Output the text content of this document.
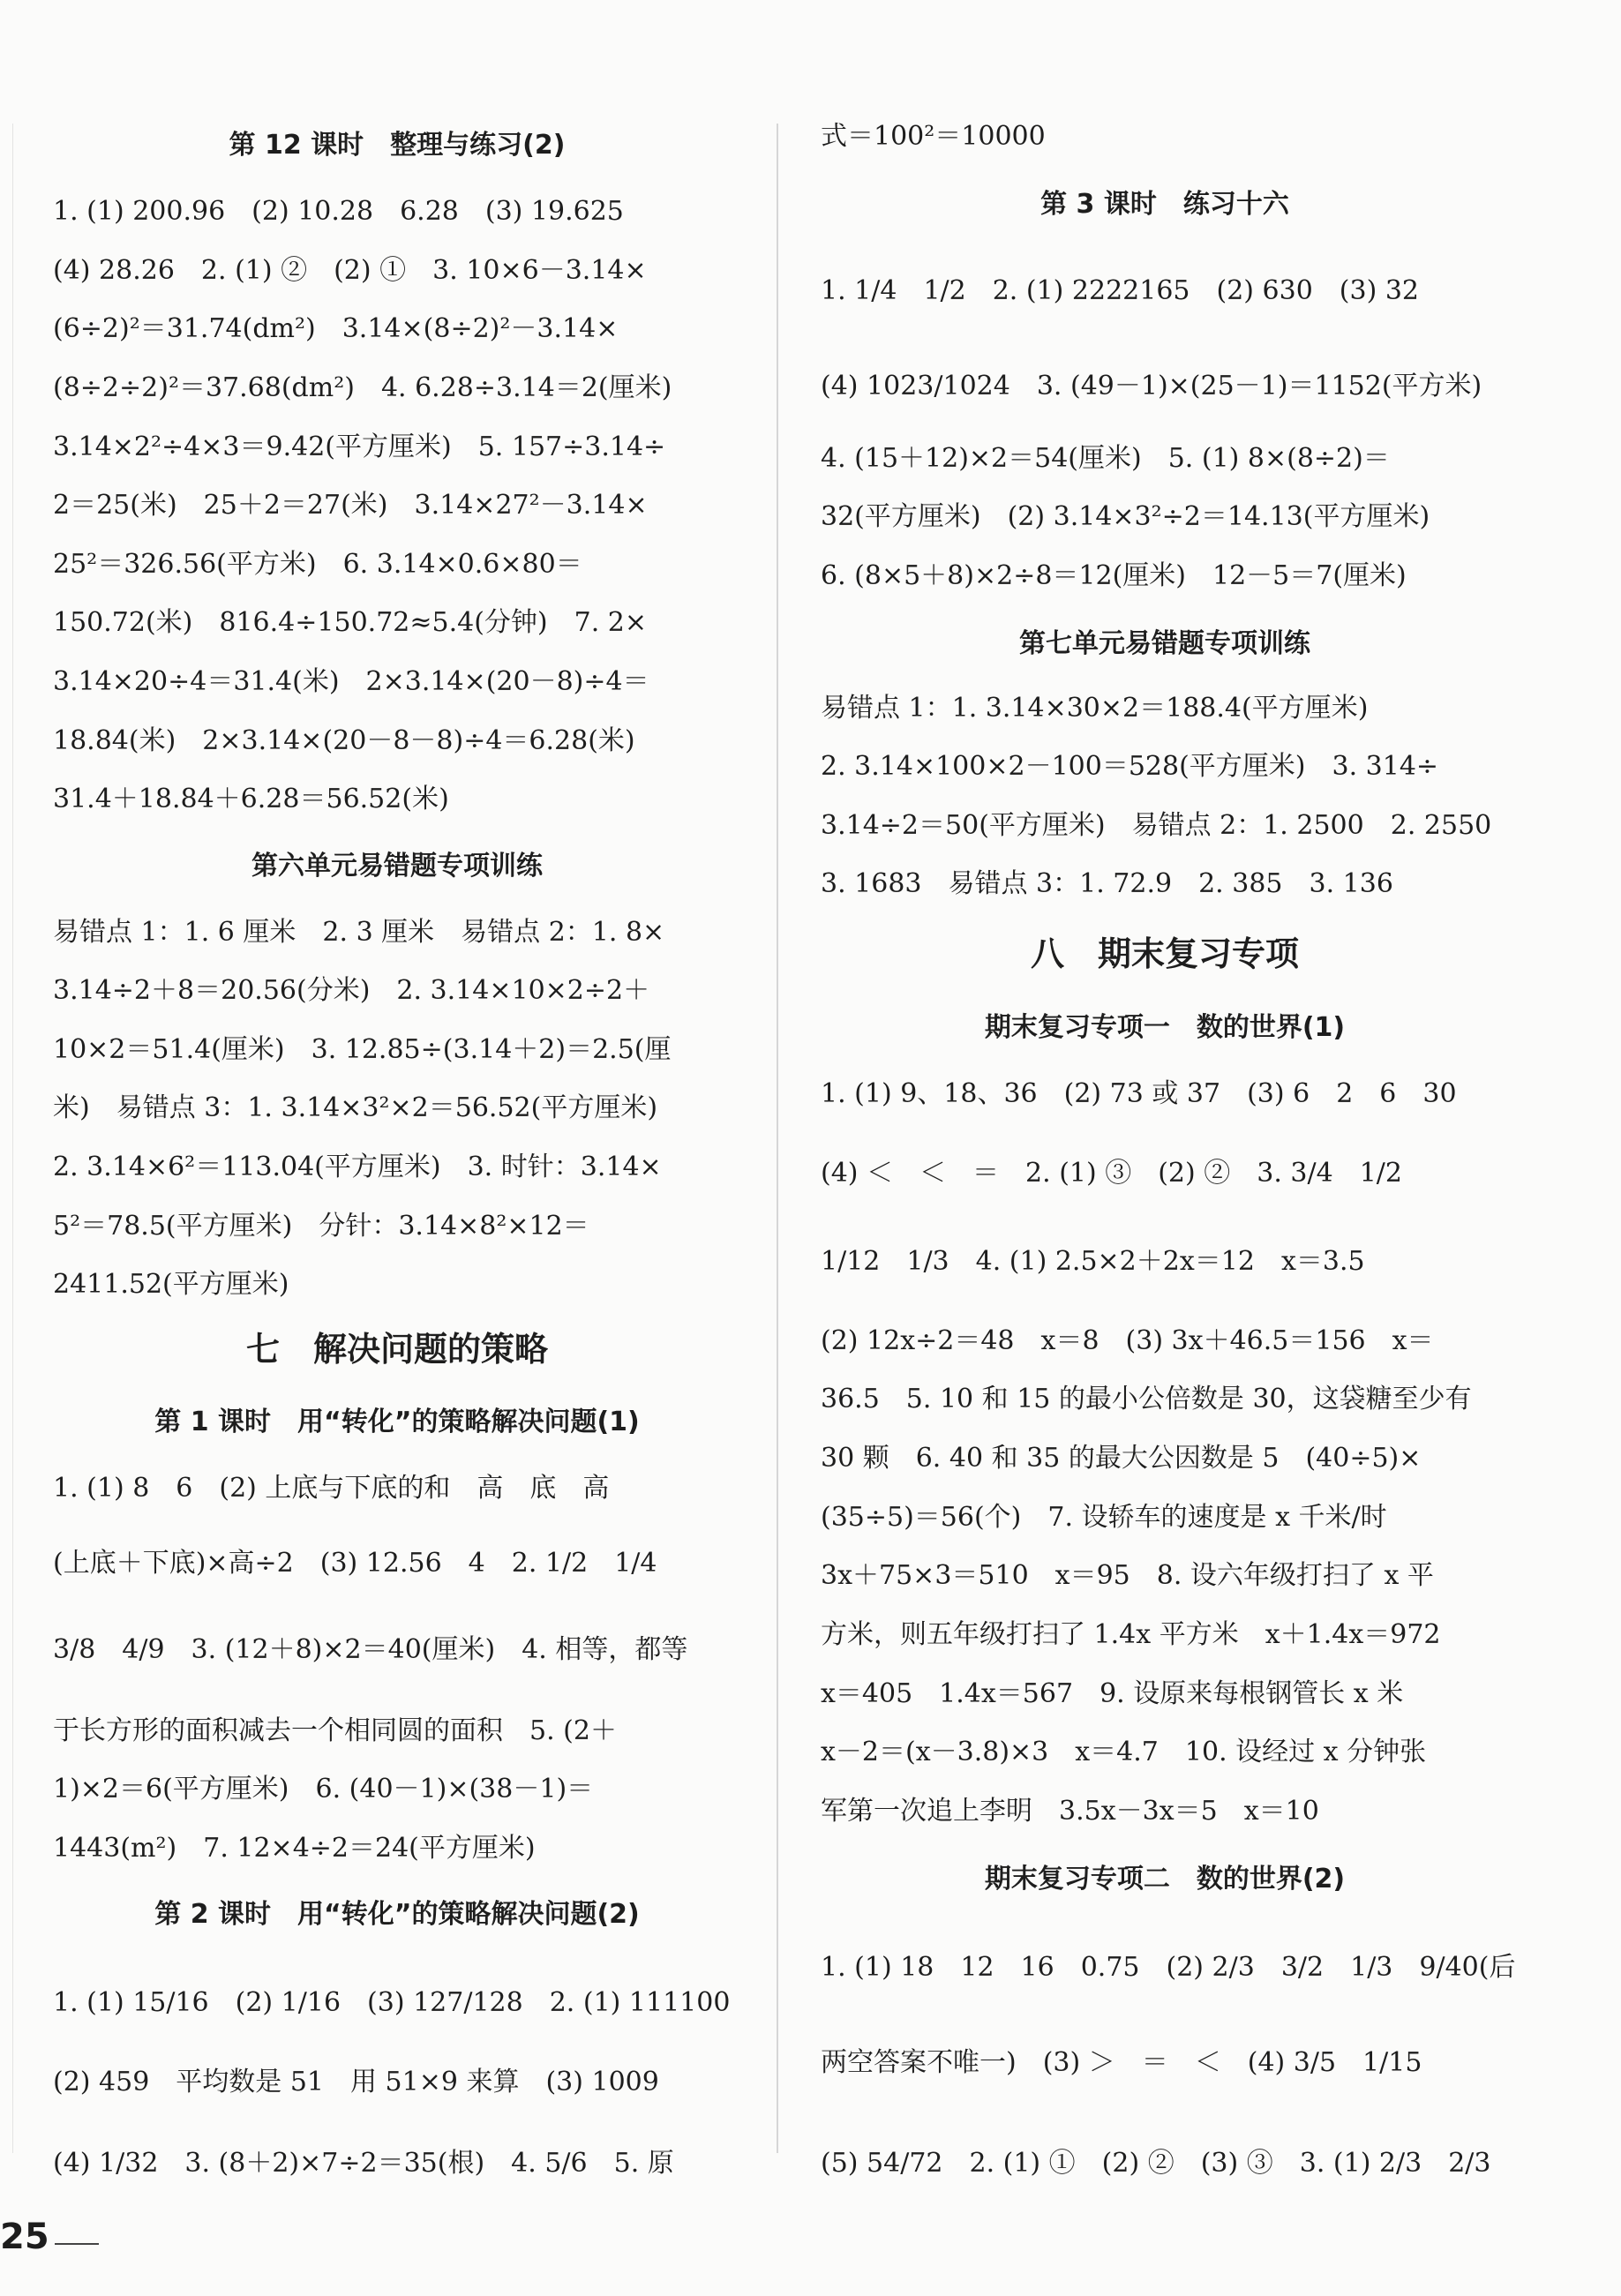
第 12 课时　整理与练习(2)
1. (1) 200.96　(2) 10.28　6.28　(3) 19.625
(4) 28.26　2. (1) ②　(2) ①　3. 10×6－3.14×
(6÷2)²＝31.74(dm²)　3.14×(8÷2)²－3.14×
(8÷2÷2)²＝37.68(dm²)　4. 6.28÷3.14＝2(厘米)
3.14×2²÷4×3＝9.42(平方厘米)　5. 157÷3.14÷
2＝25(米)　25＋2＝27(米)　3.14×27²－3.14×
25²＝326.56(平方米)　6. 3.14×0.6×80＝
150.72(米)　816.4÷150.72≈5.4(分钟)　7. 2×
3.14×20÷4＝31.4(米)　2×3.14×(20－8)÷4＝
18.84(米)　2×3.14×(20－8－8)÷4＝6.28(米)
31.4＋18.84＋6.28＝56.52(米)
第六单元易错题专项训练
易错点 1：1. 6 厘米　2. 3 厘米　易错点 2：1. 8×
3.14÷2＋8＝20.56(分米)　2. 3.14×10×2÷2＋
10×2＝51.4(厘米)　3. 12.85÷(3.14＋2)＝2.5(厘
米)　易错点 3：1. 3.14×3²×2＝56.52(平方厘米)
2. 3.14×6²＝113.04(平方厘米)　3. 时针：3.14×
5²＝78.5(平方厘米)　分针：3.14×8²×12＝
2411.52(平方厘米)
七　解决问题的策略
第 1 课时　用“转化”的策略解决问题(1)
1. (1) 8　6　(2) 上底与下底的和　高　底　高
(上底＋下底)×高÷2　(3) 12.56　4　2. 1/2　1/4
3/8　4/9　3. (12＋8)×2＝40(厘米)　4. 相等，都等
于长方形的面积减去一个相同圆的面积　5. (2＋
1)×2＝6(平方厘米)　6. (40－1)×(38－1)＝
1443(m²)　7. 12×4÷2＝24(平方厘米)
第 2 课时　用“转化”的策略解决问题(2)
1. (1) 15/16　(2) 1/16　(3) 127/128　2. (1) 111100
(2) 459　平均数是 51　用 51×9 来算　(3) 1009
(4) 1/32　3. (8＋2)×7÷2＝35(根)　4. 5/6　5. 原
式＝100²＝10000
第 3 课时　练习十六
1. 1/4　1/2　2. (1) 2222165　(2) 630　(3) 32
(4) 1023/1024　3. (49－1)×(25－1)＝1152(平方米)
4. (15＋12)×2＝54(厘米)　5. (1) 8×(8÷2)＝
32(平方厘米)　(2) 3.14×3²÷2＝14.13(平方厘米)
6. (8×5＋8)×2÷8＝12(厘米)　12－5＝7(厘米)
第七单元易错题专项训练
易错点 1：1. 3.14×30×2＝188.4(平方厘米)
2. 3.14×100×2－100＝528(平方厘米)　3. 314÷
3.14÷2＝50(平方厘米)　易错点 2：1. 2500　2. 2550
3. 1683　易错点 3：1. 72.9　2. 385　3. 136
八　期末复习专项
期末复习专项一　数的世界(1)
1. (1) 9、18、36　(2) 73 或 37　(3) 6　2　6　30
(4) ＜　＜　＝　2. (1) ③　(2) ②　3. 3/4　1/2
1/12　1/3　4. (1) 2.5×2＋2x＝12　x＝3.5
(2) 12x÷2＝48　x＝8　(3) 3x＋46.5＝156　x＝
36.5　5. 10 和 15 的最小公倍数是 30，这袋糖至少有
30 颗　6. 40 和 35 的最大公因数是 5　(40÷5)×
(35÷5)＝56(个)　7. 设轿车的速度是 x 千米/时
3x＋75×3＝510　x＝95　8. 设六年级打扫了 x 平
方米，则五年级打扫了 1.4x 平方米　x＋1.4x＝972
x＝405　1.4x＝567　9. 设原来每根钢管长 x 米
x－2＝(x－3.8)×3　x＝4.7　10. 设经过 x 分钟张
军第一次追上李明　3.5x－3x＝5　x＝10
期末复习专项二　数的世界(2)
1. (1) 18　12　16　0.75　(2) 2/3　3/2　1/3　9/40(后
两空答案不唯一)　(3) ＞　＝　＜　(4) 3/5　1/15
(5) 54/72　2. (1) ①　(2) ②　(3) ③　3. (1) 2/3　2/3
25
